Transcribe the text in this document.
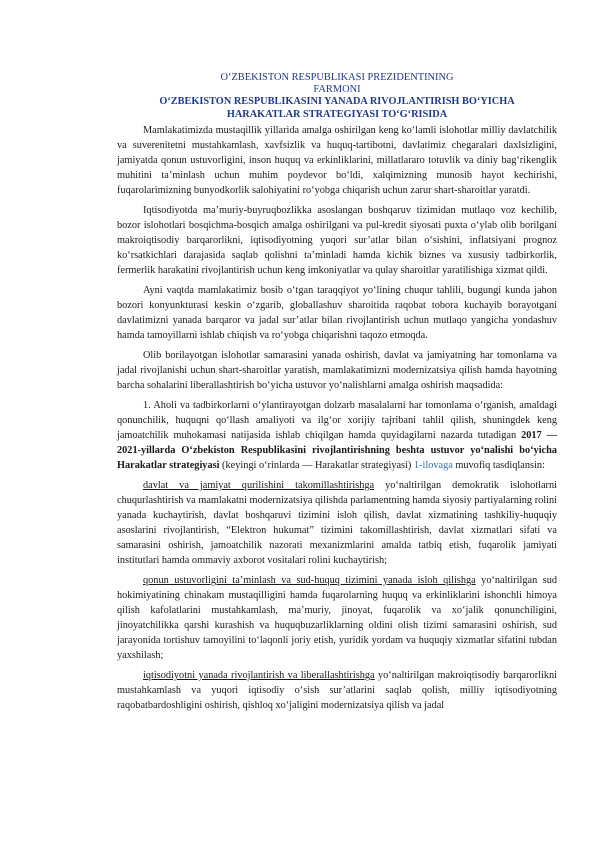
O‘ZBEKISTON RESPUBLIKASI PREZIDENTINING
FARMONI
O‘ZBEKISTON RESPUBLIKASINI YANADA RIVOJLANTIRISH BO‘YICHA
HARAKATLAR STRATEGIYASI TO‘G‘RISIDA

Mamlakatimizda mustaqillik yillarida amalga oshirilgan keng ko‘lamli islohotlar milliy davlatchilik va suverenitetni mustahkamlash, xavfsizlik va huquq-tartibotni, davlatimiz chegaralari daxlsizligini, jamiyatda qonun ustuvorligini, inson huquq va erkinliklarini, millatlararo totuvlik va diniy bag‘rikenglik muhitini ta’minlash uchun muhim poydevor bo‘ldi, xalqimizning munosib hayot kechirishi, fuqarolarimizning bunyodkorlik salohiyatini ro‘yobga chiqarish uchun zarur shart-sharoitlar yaratdi.

Iqtisodiyotda ma’muriy-buyruqbozlikka asoslangan boshqaruv tizimidan mutlaqo voz kechilib, bozor islohotlari bosqichma-bosqich amalga oshirilgani va pul-kredit siyosati puxta o‘ylab olib borilgani makroiqtisodiy barqarorlikni, iqtisodiyotning yuqori sur’atlar bilan o‘sishini, inflatsiyani prognoz ko‘rsatkichlari darajasida saqlab qolishni ta’minladi hamda kichik biznes va xususiy tadbirkorlik, fermerlik harakatini rivojlantirish uchun keng imkoniyatlar va qulay sharoitlar yaratilishiga xizmat qildi.

Ayni vaqtda mamlakatimiz bosib o‘tgan taraqqiyot yo‘lining chuqur tahlili, bugungi kunda jahon bozori konyunkturasi keskin o‘zgarib, globallashuv sharoitida raqobat tobora kuchayib borayotgani davlatimizni yanada barqaror va jadal sur’atlar bilan rivojlantirish uchun mutlaqo yangicha yondashuv hamda tamoyillarni ishlab chiqish va ro‘yobga chiqarishni taqozo etmoqda.

Olib borilayotgan islohotlar samarasini yanada oshirish, davlat va jamiyatning har tomonlama va jadal rivojlanishi uchun shart-sharoitlar yaratish, mamlakatimizni modernizatsiya qilish hamda hayotning barcha sohalarini liberallashtirish bo‘yicha ustuvor yo‘nalishlarni amalga oshirish maqsadida:

1. Aholi va tadbirkorlarni o‘ylantirayotgan dolzarb masalalarni har tomonlama o‘rganish, amaldagi qonunchilik, huquqni qo‘llash amaliyoti va ilg‘or xorijiy tajribani tahlil qilish, shuningdek keng jamoatchilik muhokamasi natijasida ishlab chiqilgan hamda quyidagilarni nazarda tutadigan 2017 — 2021-yillarda O‘zbekiston Respublikasini rivojlantirishning beshta ustuvor yo‘nalishi bo‘yicha Harakatlar strategiyasi (keyingi o‘rinlarda — Harakatlar strategiyasi) 1-ilovaga muvofiq tasdiqlansin:

davlat va jamiyat qurilishini takomillashtirishga yo‘naltirilgan demokratik islohotlarni chuqurlashtirish va mamlakatni modernizatsiya qilishda parlamentning hamda siyosiy partiyalarning rolini yanada kuchaytirish, davlat boshqaruvi tizimini isloh qilish, davlat xizmatining tashkiliy-huquqiy asoslarini rivojlantirish, “Elektron hukumat” tizimini takomillashtirish, davlat xizmatlari sifati va samarasini oshirish, jamoatchilik nazorati mexanizmlarini amalda tatbiq etish, fuqarolik jamiyati institutlari hamda ommaviy axborot vositalari rolini kuchaytirish;

qonun ustuvorligini ta’minlash va sud-huquq tizimini yanada isloh qilishga yo‘naltirilgan sud hokimiyatining chinakam mustaqilligini hamda fuqarolarning huquq va erkinliklarini ishonchli himoya qilish kafolatlarini mustahkamlash, ma’muriy, jinoyat, fuqarolik va xo‘jalik qonunchiligini, jinoyatchilikka qarshi kurashish va huquqbuzarliklarning oldini olish tizimi samarasini oshirish, sud jarayonida tortishuv tamoyilini to‘laqonli joriy etish, yuridik yordam va huquqiy xizmatlar sifatini tubdan yaxshilash;

iqtisodiyotni yanada rivojlantirish va liberallashtirishga yo‘naltirilgan makroiqtisodiy barqarorlikni mustahkamlash va yuqori iqtisodiy o‘sish sur’atlarini saqlab qolish, milliy iqtisodiyotning raqobatbardoshligini oshirish, qishloq xo‘jaligini modernizatsiya qilish va jadal
